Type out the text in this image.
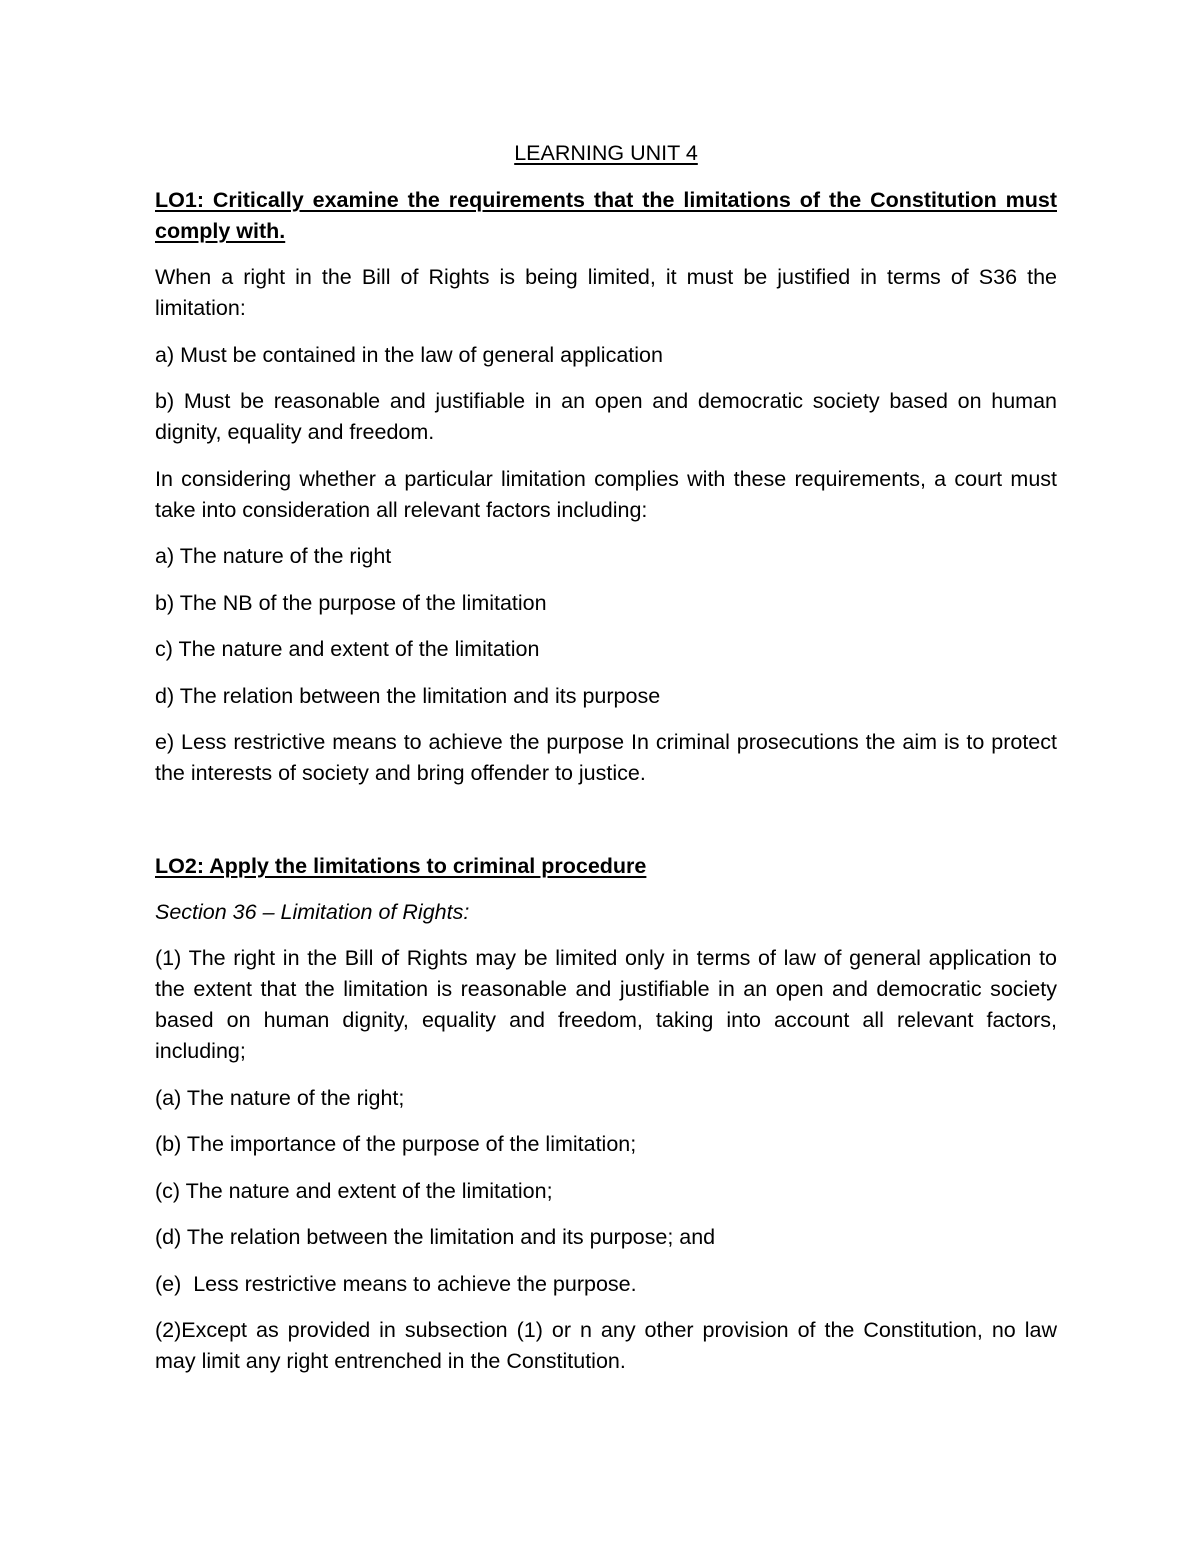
LEARNING UNIT 4
LO1: Critically examine the requirements that the limitations of the Constitution must comply with.

When a right in the Bill of Rights is being limited, it must be justified in terms of S36 the limitation:

a) Must be contained in the law of general application

b) Must be reasonable and justifiable in an open and democratic society based on human dignity, equality and freedom.

In considering whether a particular limitation complies with these requirements, a court must take into consideration all relevant factors including:

a) The nature of the right

b) The NB of the purpose of the limitation

c) The nature and extent of the limitation

d) The relation between the limitation and its purpose

e) Less restrictive means to achieve the purpose In criminal prosecutions the aim is to protect the interests of society and bring offender to justice.

LO2: Apply the limitations to criminal procedure

Section 36 – Limitation of Rights:

(1) The right in the Bill of Rights may be limited only in terms of law of general application to the extent that the limitation is reasonable and justifiable in an open and democratic society based on human dignity, equality and freedom, taking into account all relevant factors, including;

(a) The nature of the right;

(b) The importance of the purpose of the limitation;

(c) The nature and extent of the limitation;

(d) The relation between the limitation and its purpose; and

(e)  Less restrictive means to achieve the purpose.

(2)Except as provided in subsection (1) or n any other provision of the Constitution, no law may limit any right entrenched in the Constitution.
